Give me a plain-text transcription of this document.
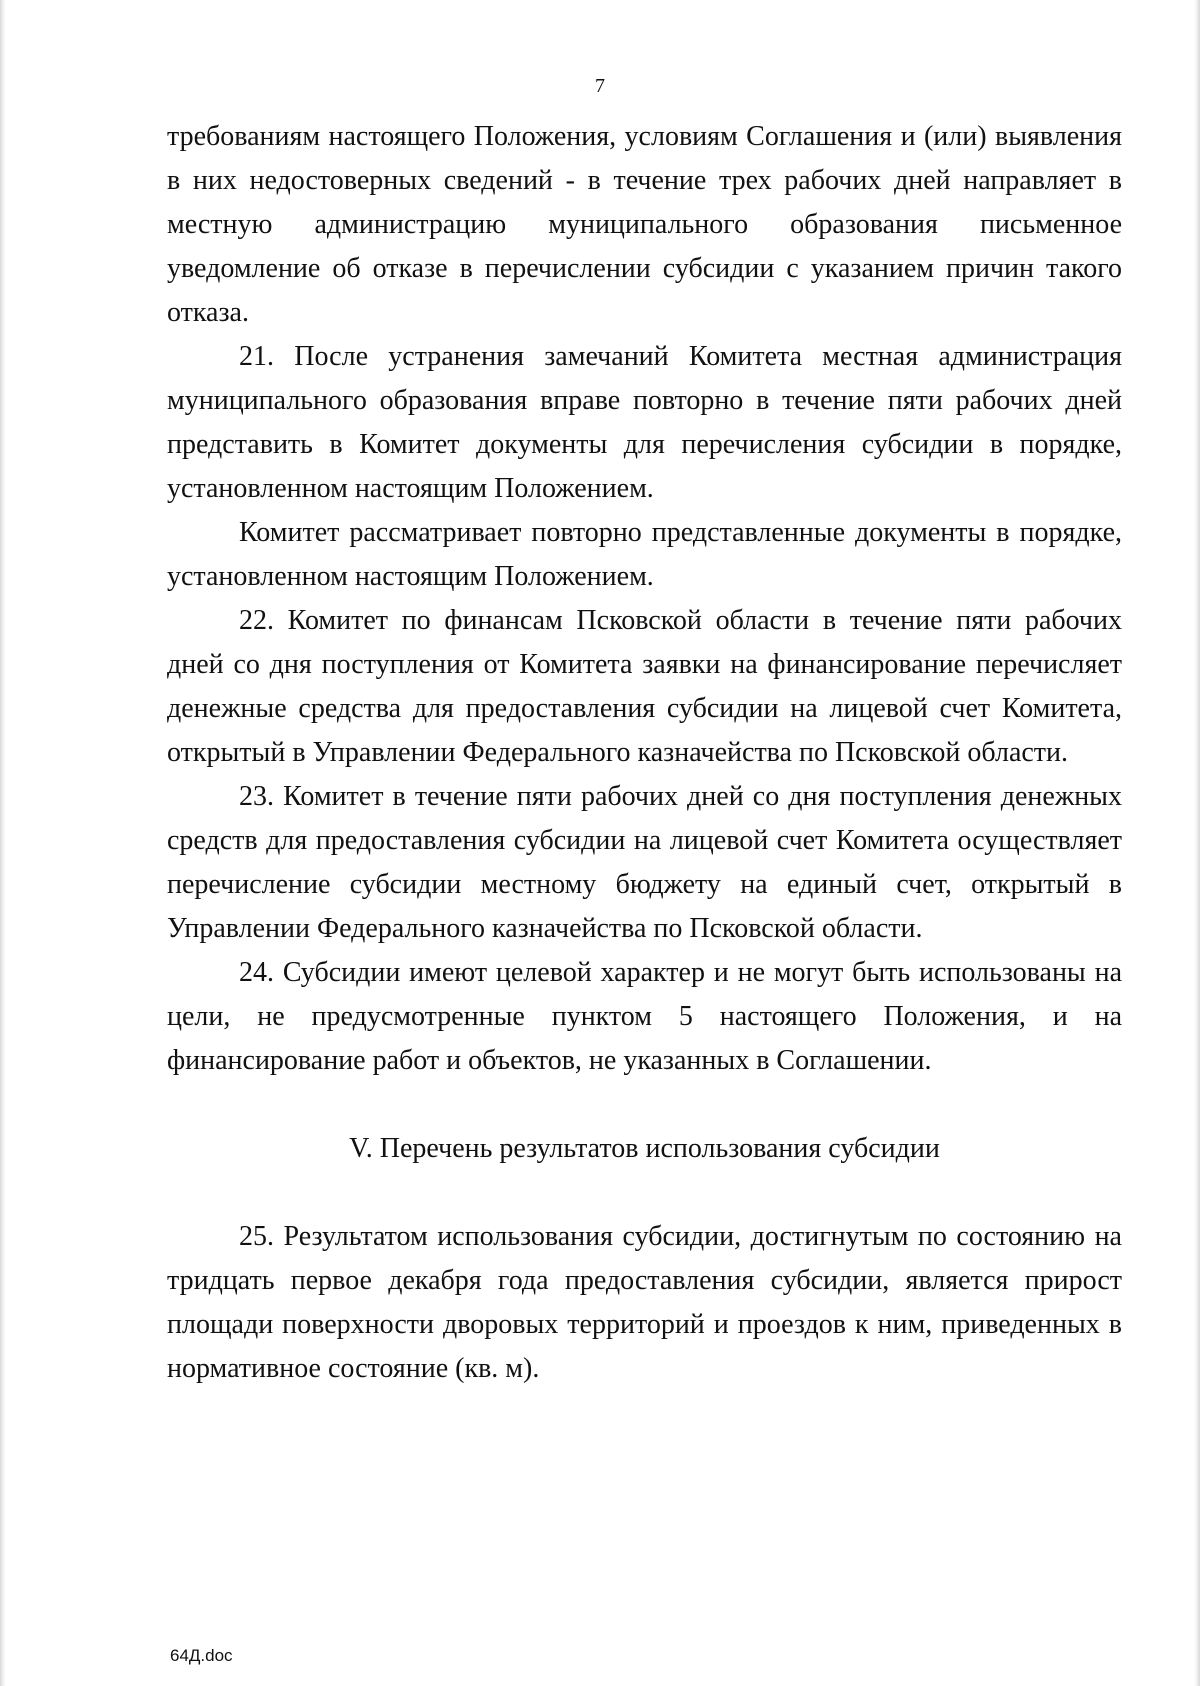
7

требованиям настоящего Положения, условиям Соглашения и (или) выявления в них недостоверных сведений - в течение трех рабочих дней направляет в местную администрацию муниципального образования письменное уведомление об отказе в перечислении субсидии с указанием причин такого отказа.

21. После устранения замечаний Комитета местная администрация муниципального образования вправе повторно в течение пяти рабочих дней представить в Комитет документы для перечисления субсидии в порядке, установленном настоящим Положением.

Комитет рассматривает повторно представленные документы в порядке, установленном настоящим Положением.

22. Комитет по финансам Псковской области в течение пяти рабочих дней со дня поступления от Комитета заявки на финансирование перечисляет денежные средства для предоставления субсидии на лицевой счет Комитета, открытый в Управлении Федерального казначейства по Псковской области.

23. Комитет в течение пяти рабочих дней со дня поступления денежных средств для предоставления субсидии на лицевой счет Комитета осуществляет перечисление субсидии местному бюджету на единый счет, открытый в Управлении Федерального казначейства по Псковской области.

24. Субсидии имеют целевой характер и не могут быть использованы на цели, не предусмотренные пунктом 5 настоящего Положения, и на финансирование работ и объектов, не указанных в Соглашении.

V. Перечень результатов использования субсидии

25. Результатом использования субсидии, достигнутым по состоянию на тридцать первое декабря года предоставления субсидии, является прирост площади поверхности дворовых территорий и проездов к ним, приведенных в нормативное состояние (кв. м).

64Д.doc
